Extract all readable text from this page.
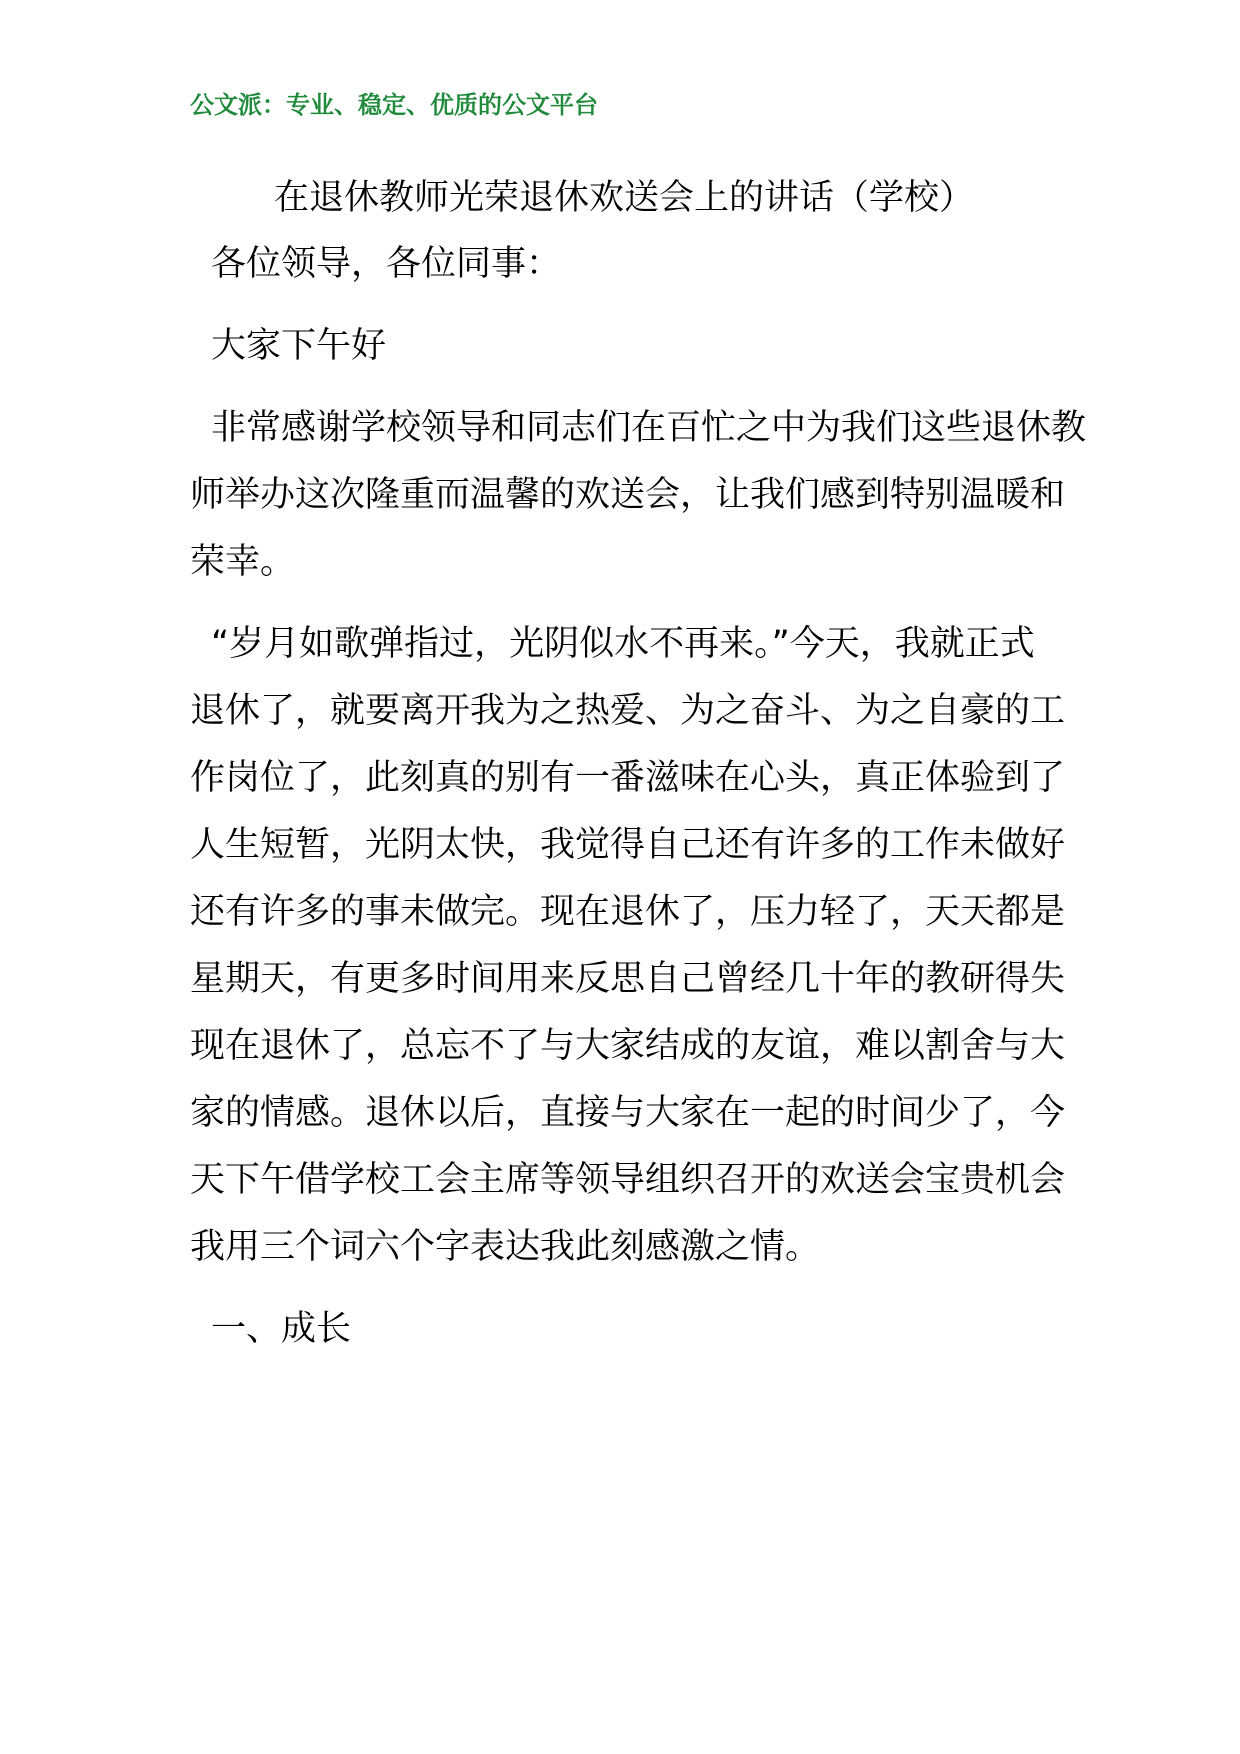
公文派：专业、稳定、优质的公文平台
在退休教师光荣退休欢送会上的讲话（学校）
各位领导，各位同事：
大家下午好
非常感谢学校领导和同志们在百忙之中为我们这些退休教
师举办这次隆重而温馨的欢送会，让我们感到特别温暖和
荣幸。
“岁月如歌弹指过，光阴似水不再来。”今天，我就正式
退休了，就要离开我为之热爱、为之奋斗、为之自豪的工
作岗位了，此刻真的别有一番滋味在心头，真正体验到了
人生短暂，光阴太快，我觉得自己还有许多的工作未做好
还有许多的事未做完。现在退休了，压力轻了，天天都是
星期天，有更多时间用来反思自己曾经几十年的教研得失
现在退休了，总忘不了与大家结成的友谊，难以割舍与大
家的情感。退休以后，直接与大家在一起的时间少了，今
天下午借学校工会主席等领导组织召开的欢送会宝贵机会
我用三个词六个字表达我此刻感激之情。
一、成长
